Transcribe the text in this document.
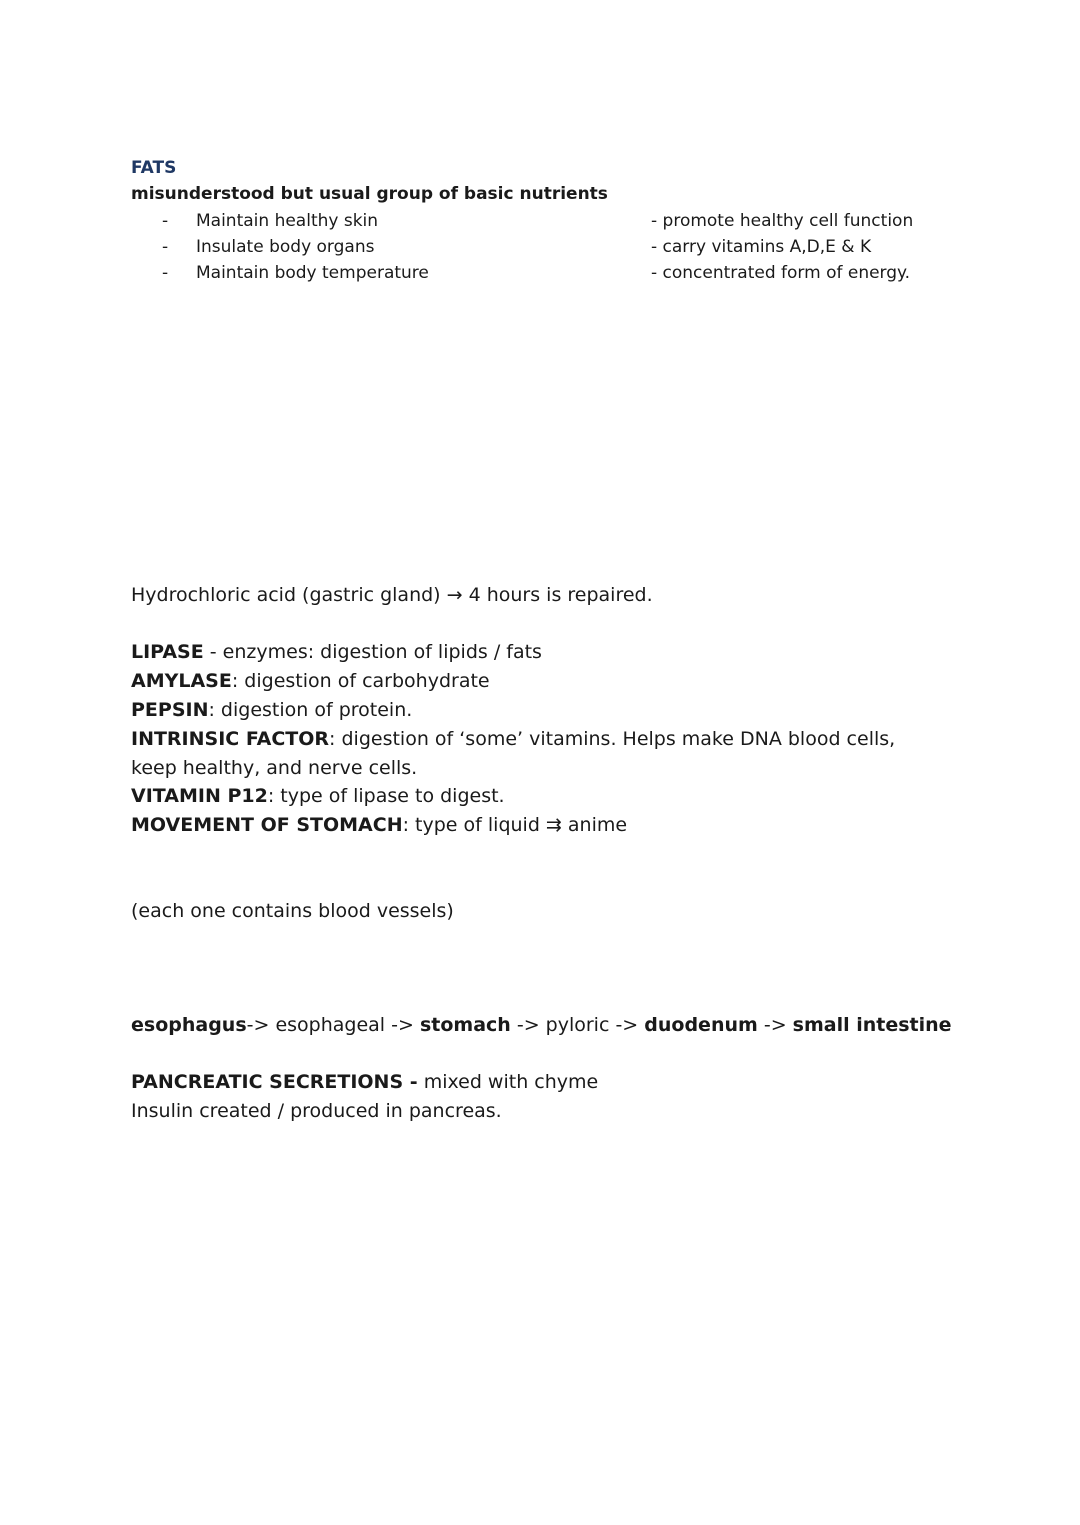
FATS
misunderstood but usual group of basic nutrients
- Maintain healthy skin
- Insulate body organs
- Maintain body temperature
- promote healthy cell function
- carry vitamins A,D,E & K
- concentrated form of energy.
Hydrochloric acid (gastric gland) → 4 hours is repaired.
LIPASE - enzymes: digestion of lipids / fats
AMYLASE: digestion of carbohydrate
PEPSIN: digestion of protein.
INTRINSIC FACTOR: digestion of ‘some’ vitamins. Helps make DNA blood cells,
keep healthy, and nerve cells.
VITAMIN P12: type of lipase to digest.
MOVEMENT OF STOMACH: type of liquid ⇉ anime
(each one contains blood vessels)
esophagus-> esophageal -> stomach -> pyloric -> duodenum -> small intestine
PANCREATIC SECRETIONS - mixed with chyme
Insulin created / produced in pancreas.
